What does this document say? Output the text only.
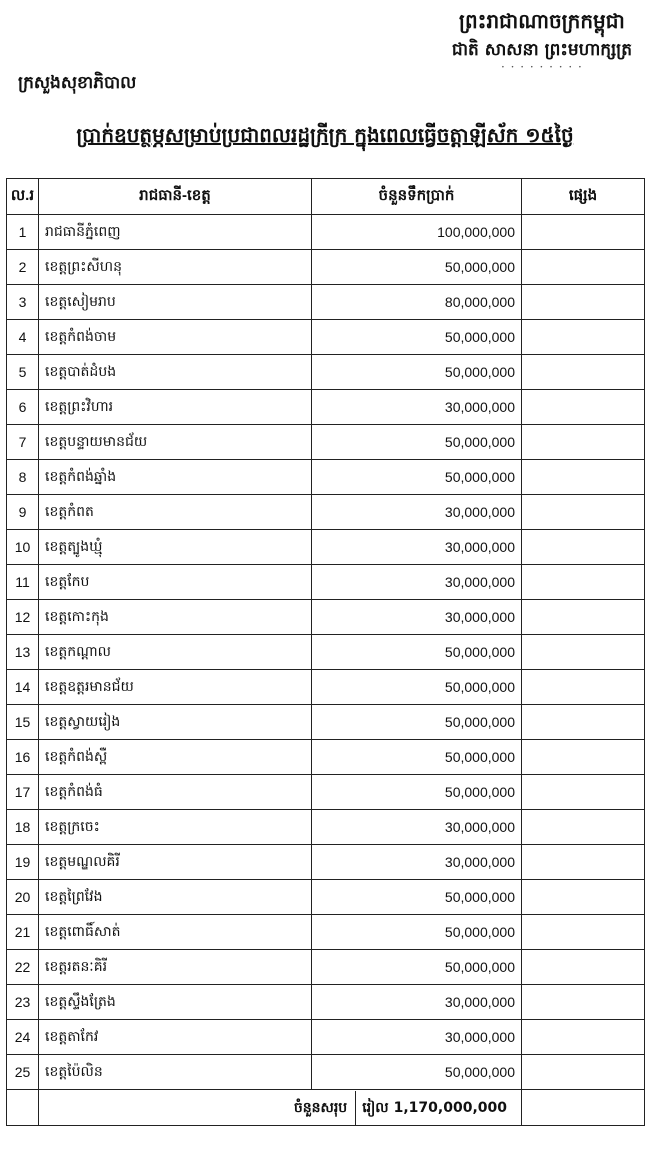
ព្រះរាជាណាចក្រកម្ពុជា
ជាតិ សាសនា ព្រះមហាក្សត្រ
· · · · · · · · ·
ក្រសួងសុខាភិបាល
ប្រាក់ឧបត្ថម្ភសម្រាប់ប្រជាពលរដ្ឋក្រីក្រ ក្នុងពេលធ្វើចត្តាឡីស័ក ១៥ថ្ងៃ
ល.រ	រាជធានី-ខេត្ត	ចំនួនទឹកប្រាក់	ផ្សេង
1	រាជធានីភ្នំពេញ	100,000,000	
2	ខេត្តព្រះសីហនុ	50,000,000	
3	ខេត្តសៀមរាប	80,000,000	
4	ខេត្តកំពង់ចាម	50,000,000	
5	ខេត្តបាត់ដំបង	50,000,000	
6	ខេត្តព្រះវិហារ	30,000,000	
7	ខេត្តបន្ទាយមានជ័យ	50,000,000	
8	ខេត្តកំពង់ឆ្នាំង	50,000,000	
9	ខេត្តកំពត	30,000,000	
10	ខេត្តត្បូងឃ្មុំ	30,000,000	
11	ខេត្តកែប	30,000,000	
12	ខេត្តកោះកុង	30,000,000	
13	ខេត្តកណ្ដាល	50,000,000	
14	ខេត្តឧត្តរមានជ័យ	50,000,000	
15	ខេត្តស្វាយរៀង	50,000,000	
16	ខេត្តកំពង់ស្ពឺ	50,000,000	
17	ខេត្តកំពង់ធំ	50,000,000	
18	ខេត្តក្រចេះ	30,000,000	
19	ខេត្តមណ្ឌលគិរី	30,000,000	
20	ខេត្តព្រៃវែង	50,000,000	
21	ខេត្តពោធិ៍សាត់	50,000,000	
22	ខេត្តរតនៈគិរី	50,000,000	
23	ខេត្តស្ទឹងត្រែង	30,000,000	
24	ខេត្តតាកែវ	30,000,000	
25	ខេត្តប៉ៃលិន	50,000,000	
	ចំនួនសរុប រៀល 1,170,000,000		
